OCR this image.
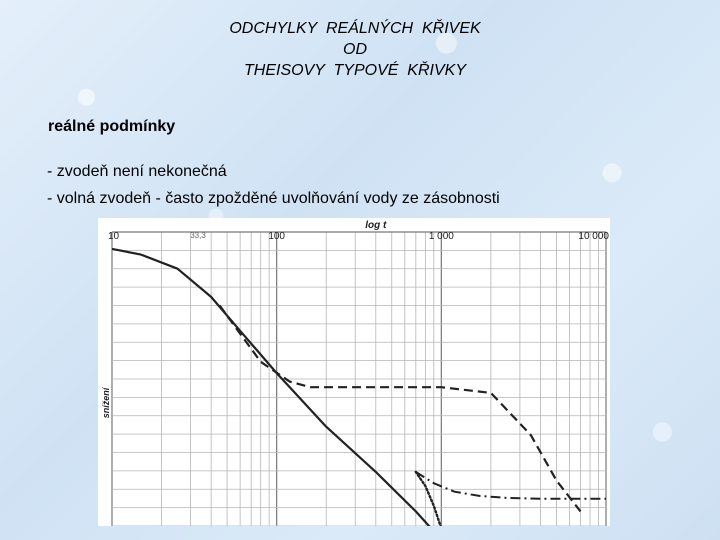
ODCHYLKY  REÁLNÝCH  KŘIVEK
OD
THEISOVY  TYPOVÉ  KŘIVKY
reálné podmínky
- zvodeň není nekonečná
- volná zvodeň - často zpožděné uvolňování vody ze zásobnosti
10	33,3	100	1 000	10 000
log t
snížení
